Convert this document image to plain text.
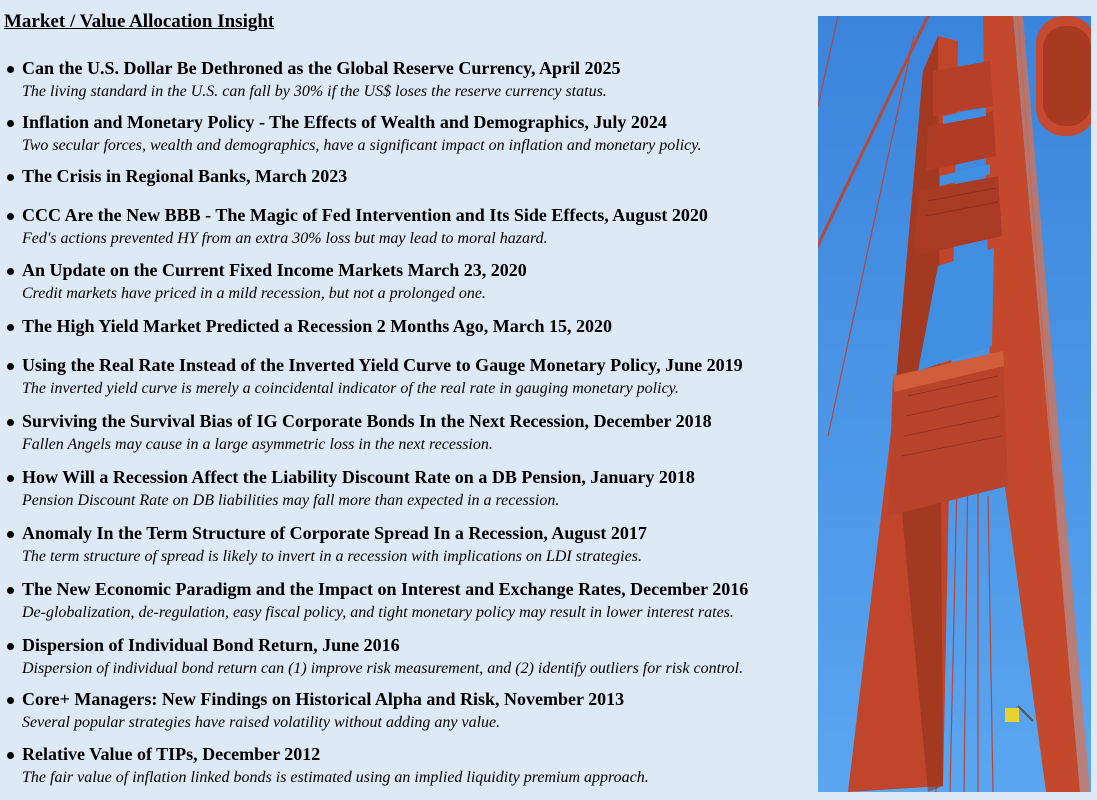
Market / Value Allocation Insight
Can the U.S. Dollar Be Dethroned as the Global Reserve Currency, April 2025
The living standard in the U.S. can fall by 30% if the US$ loses the reserve currency status.
Inflation and Monetary Policy - The Effects of Wealth and Demographics, July 2024
Two secular forces, wealth and demographics, have a significant impact on inflation and monetary policy.
The Crisis in Regional Banks, March 2023
CCC Are the New BBB - The Magic of Fed Intervention and Its Side Effects, August 2020
Fed's actions prevented HY from an extra 30% loss but may lead to moral hazard.
An Update on the Current Fixed Income Markets March 23, 2020
Credit markets have priced in a mild recession, but not a prolonged one.
The High Yield Market Predicted a Recession 2 Months Ago, March 15, 2020
Using the Real Rate Instead of the Inverted Yield Curve to Gauge Monetary Policy, June 2019
The inverted yield curve is merely a coincidental indicator of the real rate in gauging monetary policy.
Surviving the Survival Bias of IG Corporate Bonds In the Next Recession, December 2018
Fallen Angels may cause in a large asymmetric loss in the next recession.
How Will a Recession Affect the Liability Discount Rate on a DB Pension, January 2018
Pension Discount Rate on DB liabilities may fall more than expected in a recession.
Anomaly In the Term Structure of Corporate Spread In a Recession, August 2017
The term structure of spread is likely to invert in a recession with implications on LDI strategies.
The New Economic Paradigm and the Impact on Interest and Exchange Rates, December 2016
De-globalization, de-regulation, easy fiscal policy, and tight monetary policy may result in lower interest rates.
Dispersion of Individual Bond Return, June 2016
Dispersion of individual bond return can (1) improve risk measurement, and (2) identify outliers for risk control.
Core+ Managers: New Findings on Historical Alpha and Risk, November 2013
Several popular strategies have raised volatility without adding any value.
Relative Value of TIPs, December 2012
The fair value of inflation linked bonds is estimated using an implied liquidity premium approach.
